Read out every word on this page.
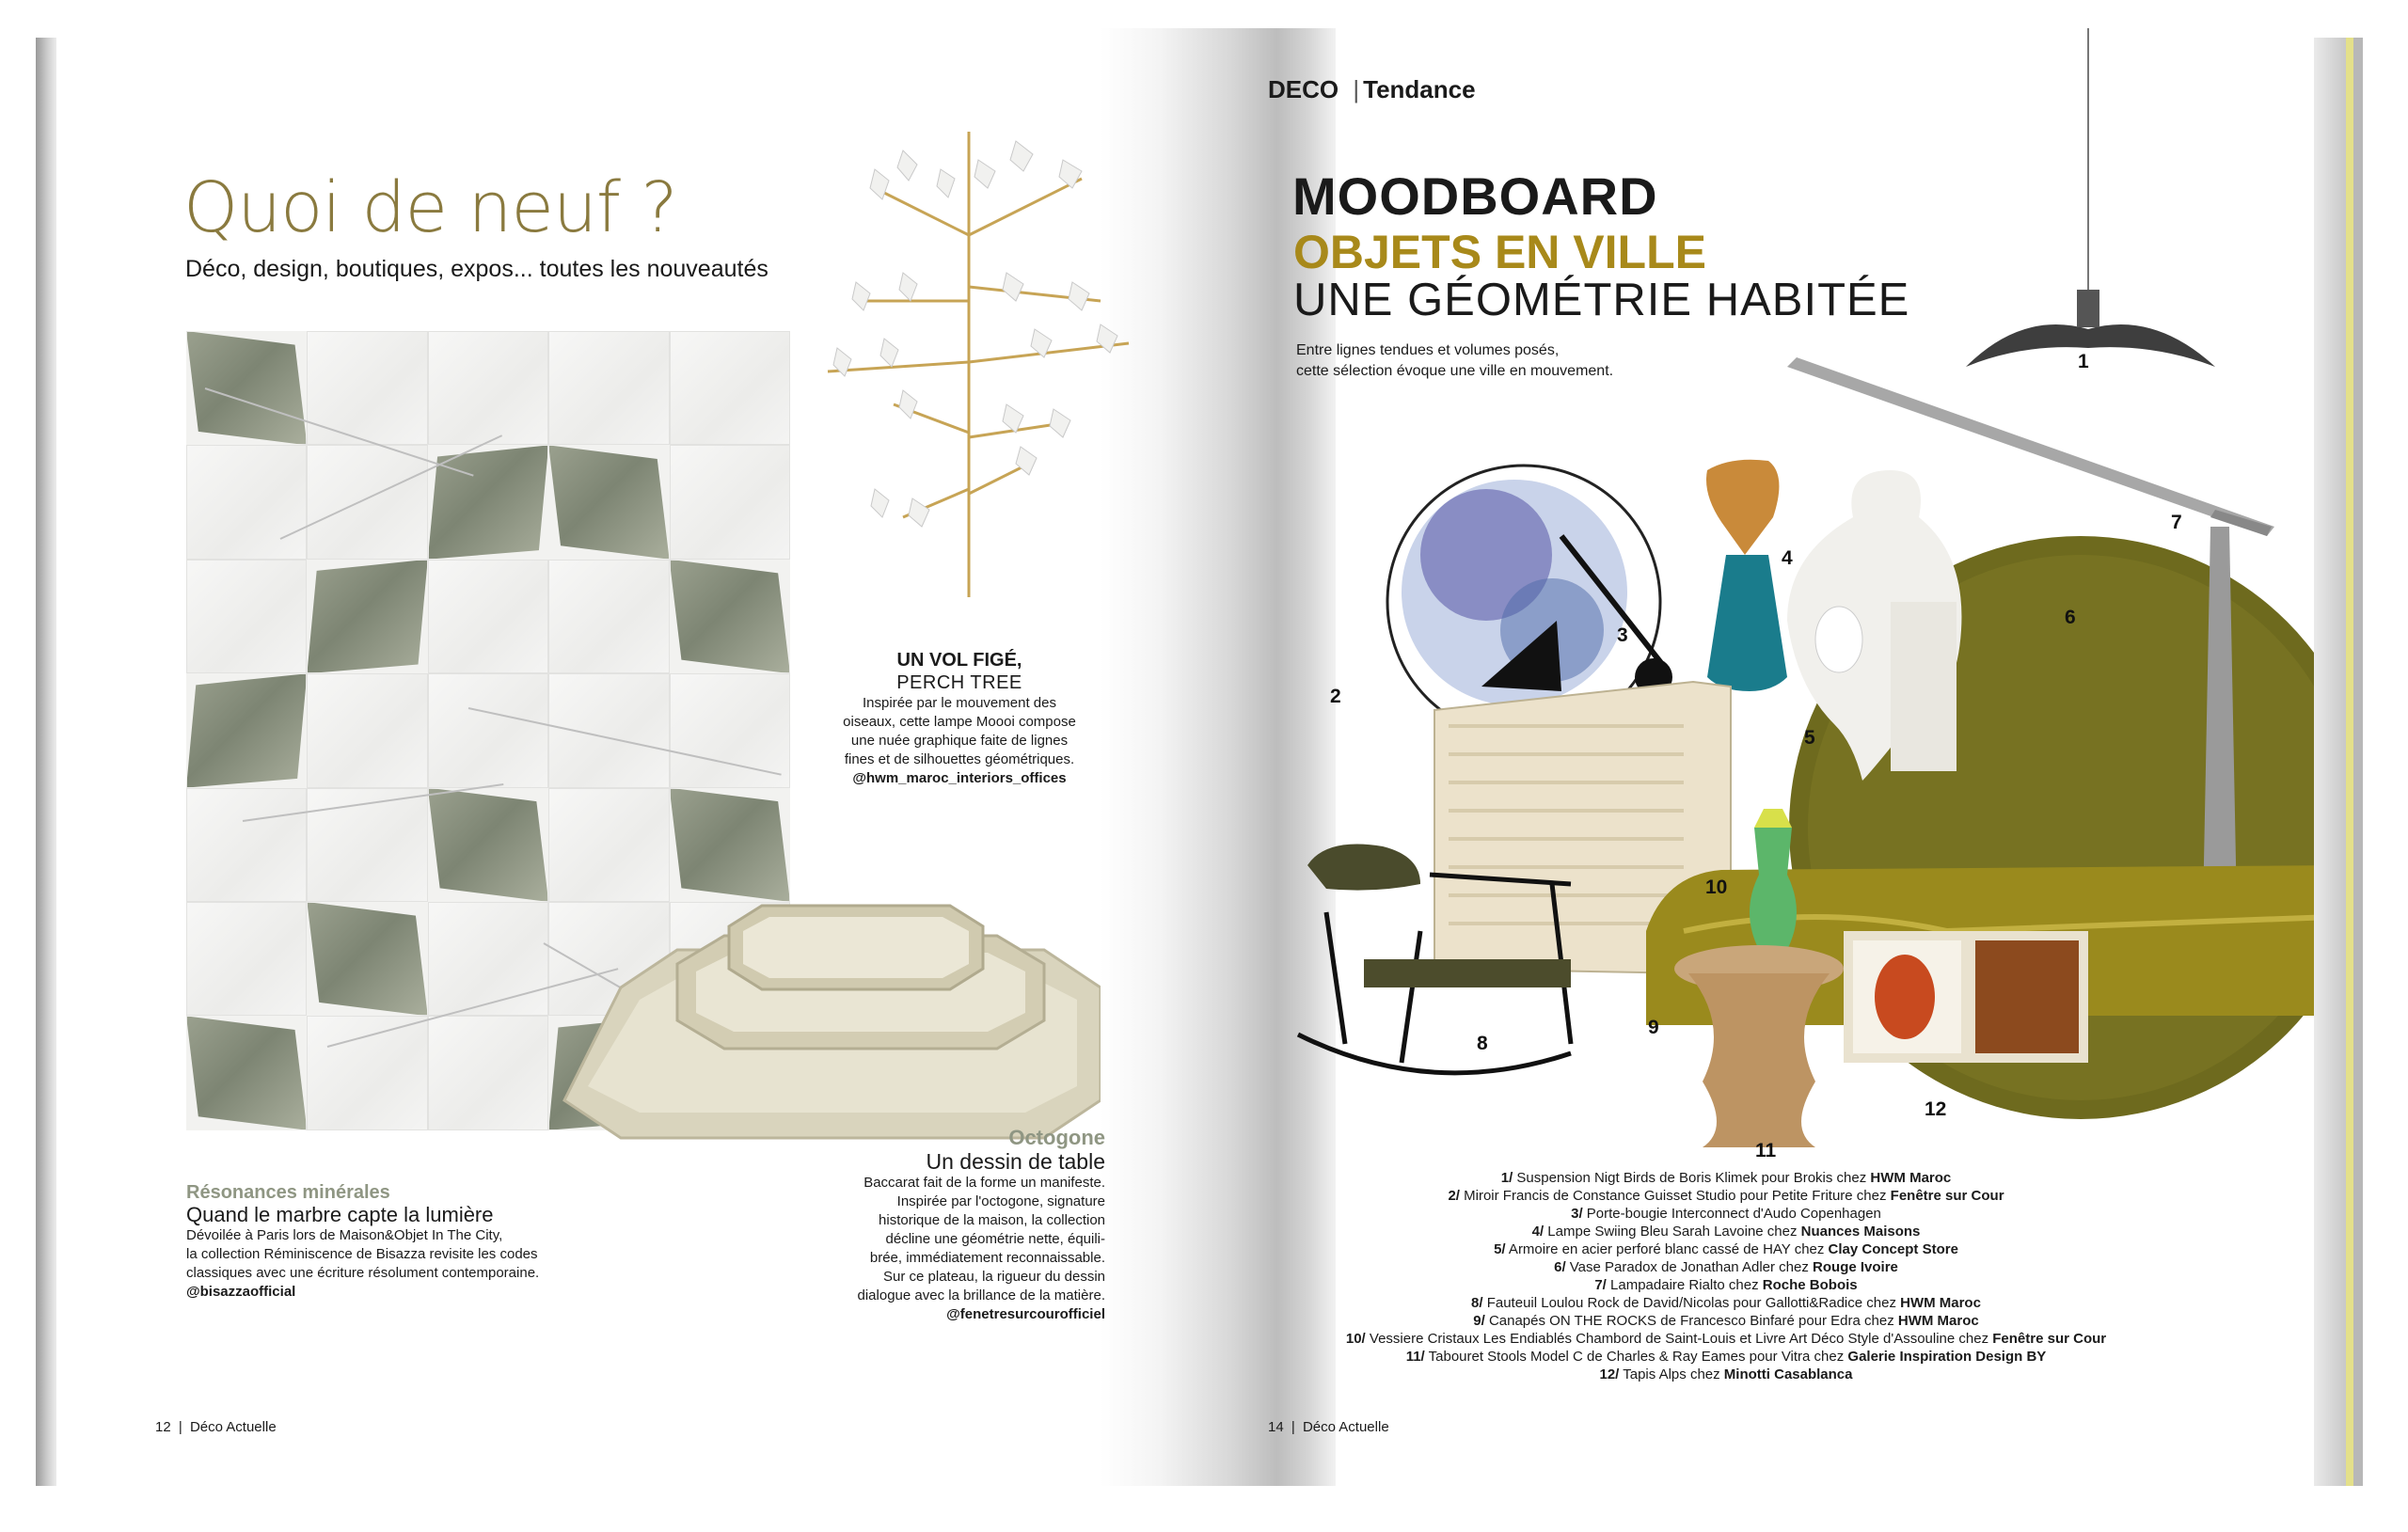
Quoi de neuf ?
Déco, design, boutiques, expos... toutes les nouveautés
UN VOL FIGÉ,
PERCH TREE
Inspirée par le mouvement des
oiseaux, cette lampe Moooi compose
une nuée graphique faite de lignes
fines et de silhouettes géométriques.
@hwm_maroc_interiors_offices
Résonances minérales
Quand le marbre capte la lumière
Dévoilée à Paris lors de Maison&Objet In The City,
la collection Réminiscence de Bisazza revisite les codes
classiques avec une écriture résolument contemporaine.
@bisazzaofficial
Octogone
Un dessin de table
Baccarat fait de la forme un manifeste.
Inspirée par l'octogone, signature
historique de la maison, la collection
décline une géométrie nette, équili-
brée, immédiatement reconnaissable.
Sur ce plateau, la rigueur du dessin
dialogue avec la brillance de la matière.
@fenetresurcourofficiel
12 | Déco Actuelle
DECO | Tendance
MOODBOARD
OBJETS EN VILLE
UNE GÉOMÉTRIE HABITÉE
Entre lignes tendues et volumes posés,
cette sélection évoque une ville en mouvement.	1
2
3
4
5
6
7
8
9
10
11
12
1/ Suspension Nigt Birds de Boris Klimek pour Brokis chez HWM Maroc
2/ Miroir Francis de Constance Guisset Studio pour Petite Friture chez Fenêtre sur Cour
3/ Porte-bougie Interconnect d'Audo Copenhagen
4/ Lampe Swiing Bleu Sarah Lavoine chez Nuances Maisons
5/ Armoire en acier perforé blanc cassé de HAY chez Clay Concept Store
6/ Vase Paradox de Jonathan Adler chez Rouge Ivoire
7/ Lampadaire Rialto chez Roche Bobois
8/ Fauteuil Loulou Rock de David/Nicolas pour Gallotti&Radice chez HWM Maroc
9/ Canapés ON THE ROCKS de Francesco Binfaré pour Edra chez HWM Maroc
10/ Vessiere Cristaux Les Endiablés Chambord de Saint-Louis et Livre Art Déco Style d'Assouline chez Fenêtre sur Cour
11/ Tabouret Stools Model C de Charles & Ray Eames pour Vitra chez Galerie Inspiration Design BY
12/ Tapis Alps chez Minotti Casablanca
14 | Déco Actuelle
